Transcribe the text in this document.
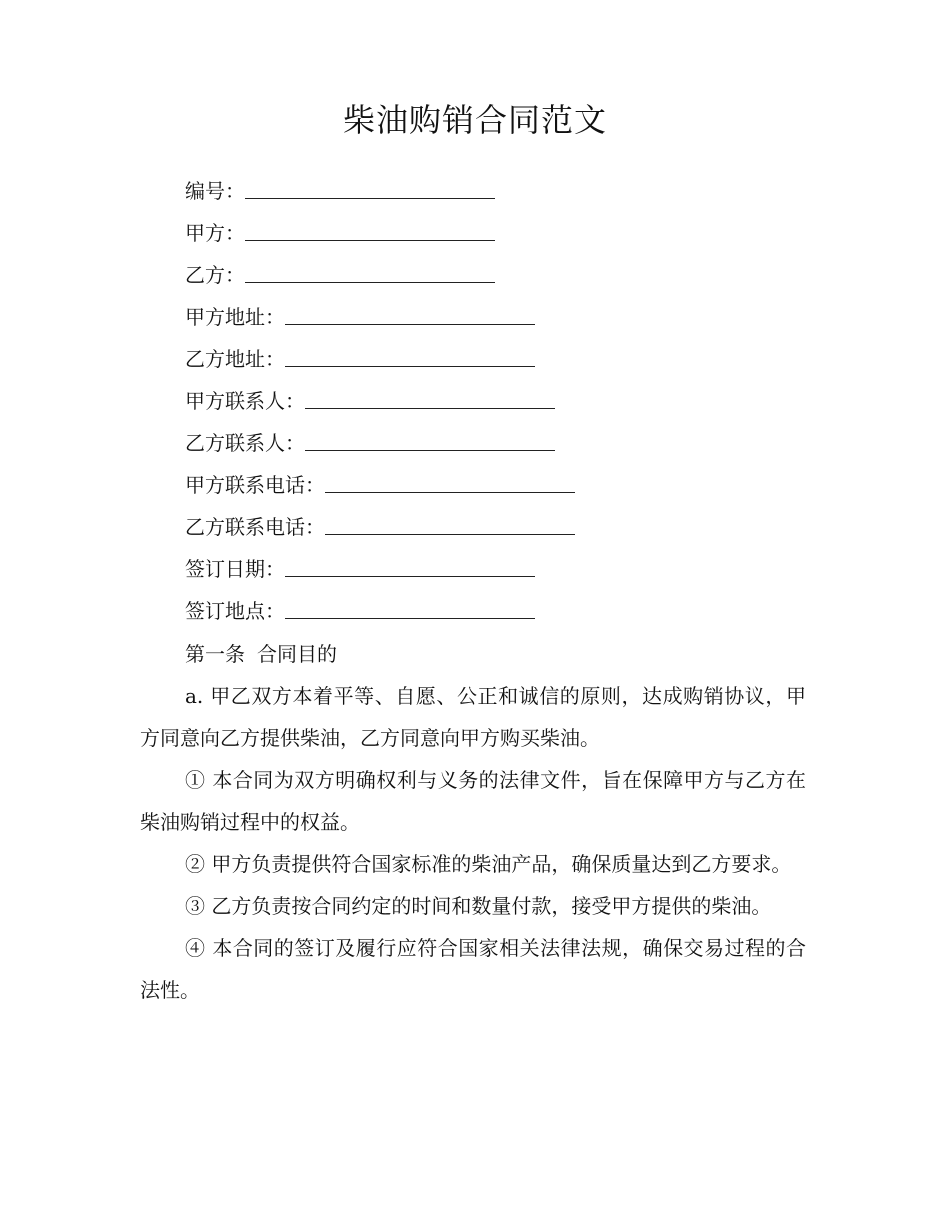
柴油购销合同范文
编号：
甲方：
乙方：
甲方地址：
乙方地址：
甲方联系人：
乙方联系人：
甲方联系电话：
乙方联系电话：
签订日期：
签订地点：
第一条 合同目的

a. 甲乙双方本着平等、自愿、公正和诚信的原则，达成购销协议，甲方同意向乙方提供柴油，乙方同意向甲方购买柴油。

① 本合同为双方明确权利与义务的法律文件，旨在保障甲方与乙方在柴油购销过程中的权益。

② 甲方负责提供符合国家标准的柴油产品，确保质量达到乙方要求。

③ 乙方负责按合同约定的时间和数量付款，接受甲方提供的柴油。

④ 本合同的签订及履行应符合国家相关法律法规，确保交易过程的合法性。
